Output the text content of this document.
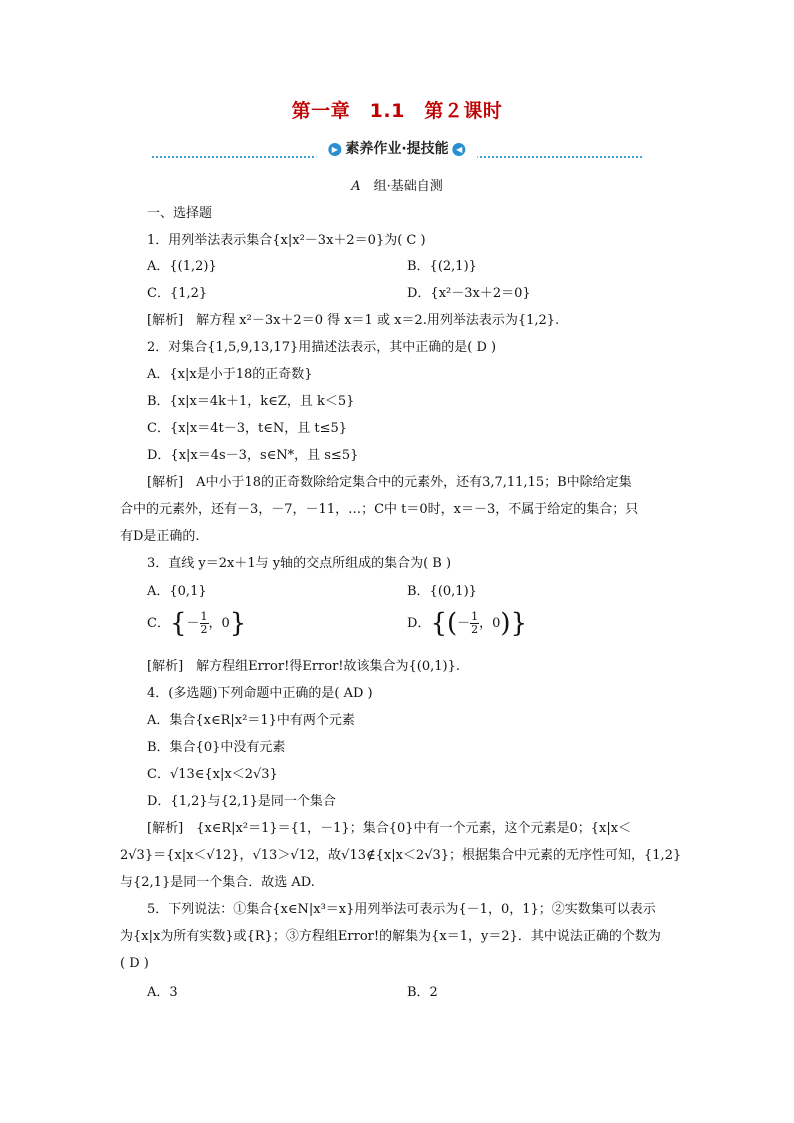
第一章　1.1　第２课时
▶ 素养作业·提技能 ◀
A　 组·基础自测
一、选择题
1．用列举法表示集合{x|x²－3x＋2＝0}为( C )
A．{(1,2)}	B．{(2,1)}
C．{1,2}	D．{x²－3x＋2＝0}
[解析]　解方程 x²－3x＋2＝0 得 x＝1 或 x＝2.用列举法表示为{1,2}.
2．对集合{1,5,9,13,17}用描述法表示，其中正确的是( D )
A．{x|x是小于18的正奇数}
B．{x|x＝4k＋1，k∈Z，且 k＜5}
C．{x|x＝4t－3，t∈N，且 t≤5}
D．{x|x＝4s－3，s∈N*，且 s≤5}
[解析]　A中小于18的正奇数除给定集合中的元素外，还有3,7,11,15；B中除给定集
合中的元素外，还有－3，－7，－11，…；C中 t＝0时，x＝－3，不属于给定的集合；只
有D是正确的.
3．直线 y＝2x＋1与 y轴的交点所组成的集合为( B )
A．{0,1}	B．{(0,1)}
C．{－ $\frac{1}{2}$ ，0}	D．{(－ $\frac{1}{2}$ ，0)}
[解析]　解方程组Error!得Error!故该集合为{(0,1)}.
4．(多选题)下列命题中正确的是( AD )
A．集合{x∈R|x²＝1}中有两个元素
B．集合{0}中没有元素
C．√13∈{x|x＜2√3}
D．{1,2}与{2,1}是同一个集合
[解析]　{x∈R|x²＝1}＝{1，－1}；集合{0}中有一个元素，这个元素是0；{x|x＜
2√3}＝{x|x＜√12}，√13＞√12，故√13∉{x|x＜2√3}；根据集合中元素的无序性可知，{1,2}
与{2,1}是同一个集合．故选 AD.
5．下列说法：①集合{x∈N|x³＝x}用列举法可表示为{－1，0，1}；②实数集可以表示
为{x|x为所有实数}或{R}；③方程组Error!的解集为{x＝1，y＝2}．其中说法正确的个数为
( D )
A．3	B．2
